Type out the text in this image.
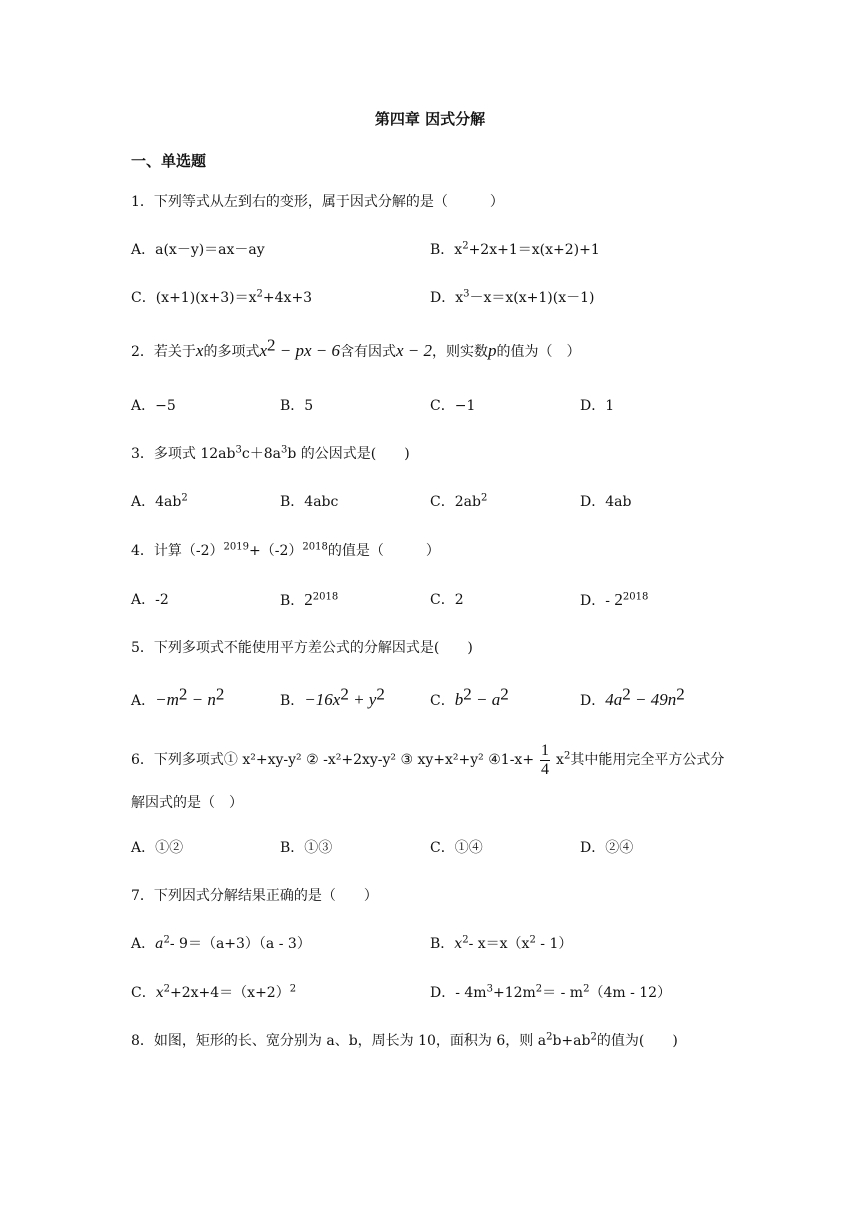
第四章 因式分解
一、单选题
1．下列等式从左到右的变形，属于因式分解的是（　　　）
A．a(x－y)＝ax－ay	B．$x^2+2x+1=x(x+2)+1$
C．$(x+1)(x+3)=x^2+4x+3$	D．$x^3-x=x(x+1)(x-1)$
2．若关于x的多项式$x^2$ − px − 6含有因式x − 2，则实数p的值为（　）
A．−5	B．5	C．−1	D．1
3．多项式 $12ab^3c+8a^3b$ 的公因式是(　　)
A．$4ab^2$	B．4abc	C．$2ab^2$	D．4ab
4．计算$(-2)^{2019}+(-2)^{2018}$的值是（　　　）
A．-2	B．$2^{2018}$	C．2	D．- $2^{2018}$
5．下列多项式不能使用平方差公式的分解因式是(　　)
A．$-m^2 - n^2$	B．$-16x^2 + y^2$	C．$b^2 - a^2$	D．$4a^2 - 49n^2$
6．下列多项式① x²+xy-y² ② -x²+2xy-y² ③ xy+x²+y² ④1-x+ $\frac{1}{4} x^2$其中能用完全平方公式分
解因式的是（　）
A．①②	B．①③	C．①④	D．②④
7．下列因式分解结果正确的是（　　）
A．$a^2-$ 9＝（a+3）（a - 3）	B．$x^2-$ $x=x(x^2 - 1)$
C．$x^2+2x+4=(x+2)^2$	D．- $4m^3+12m^2= - m^2(4m - 12)$
8．如图，矩形的长、宽分别为 a、b，周长为 10，面积为 6，则 $a^2b+ab^2$的值为(　　)
